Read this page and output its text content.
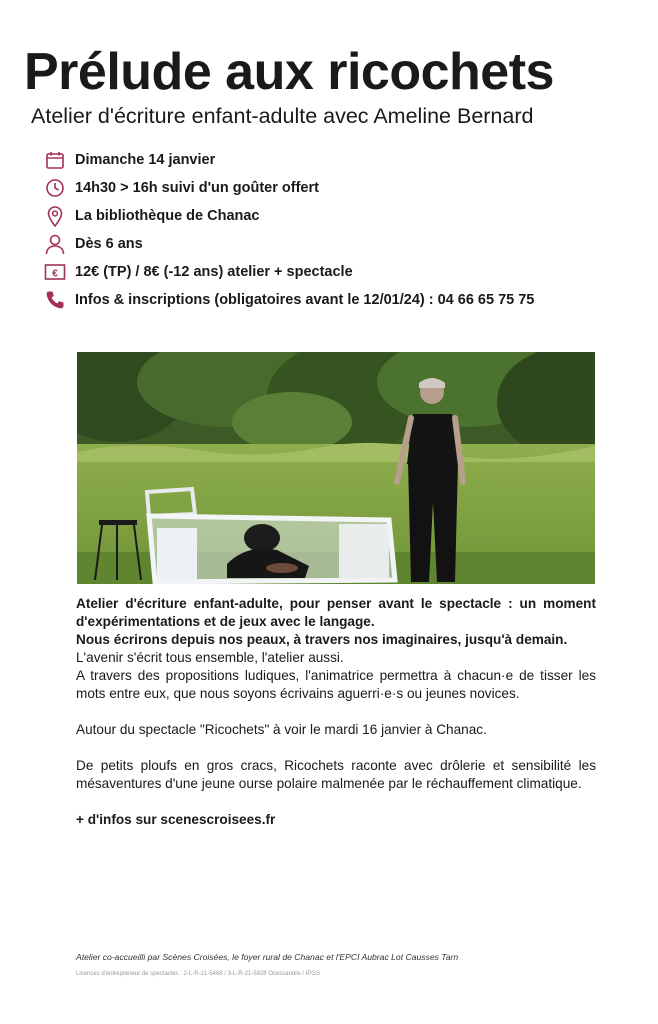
Prélude aux ricochets
Atelier d'écriture enfant-adulte avec Ameline Bernard
Dimanche 14 janvier
14h30 > 16h suivi d'un goûter offert
La bibliothèque de Chanac
Dès 6 ans
€ 12€ (TP) / 8€ (-12 ans) atelier + spectacle
Infos & inscriptions (obligatoires avant le 12/01/24) : 04 66 65 75 75

Atelier d'écriture enfant-adulte, pour penser avant le spectacle : un moment d'expérimentations et de jeux avec le langage.

Nous écrirons depuis nos peaux, à travers nos imaginaires, jusqu'à demain.

L'avenir s'écrit tous ensemble, l'atelier aussi.

A travers des propositions ludiques, l'animatrice permettra à chacun·e de tisser les mots entre eux, que nous soyons écrivains aguerri·e·s ou jeunes novices.

Autour du spectacle "Ricochets" à voir le mardi 16 janvier à Chanac.

De petits ploufs en gros cracs, Ricochets raconte avec drôlerie et sensibilité les mésaventures d'une jeune ourse polaire malmenée par le réchauffement climatique.

+ d'infos sur scenescroisees.fr

Atelier co-accueilli par Scènes Croisées, le foyer rural de Chanac et l'EPCI Aubrac Lot Causses Tarn
Licences d'entrepreneur de spectacles : 2-L-R-21-5468 / 3-L-R-21-5828 Ocessandre / IPGS
